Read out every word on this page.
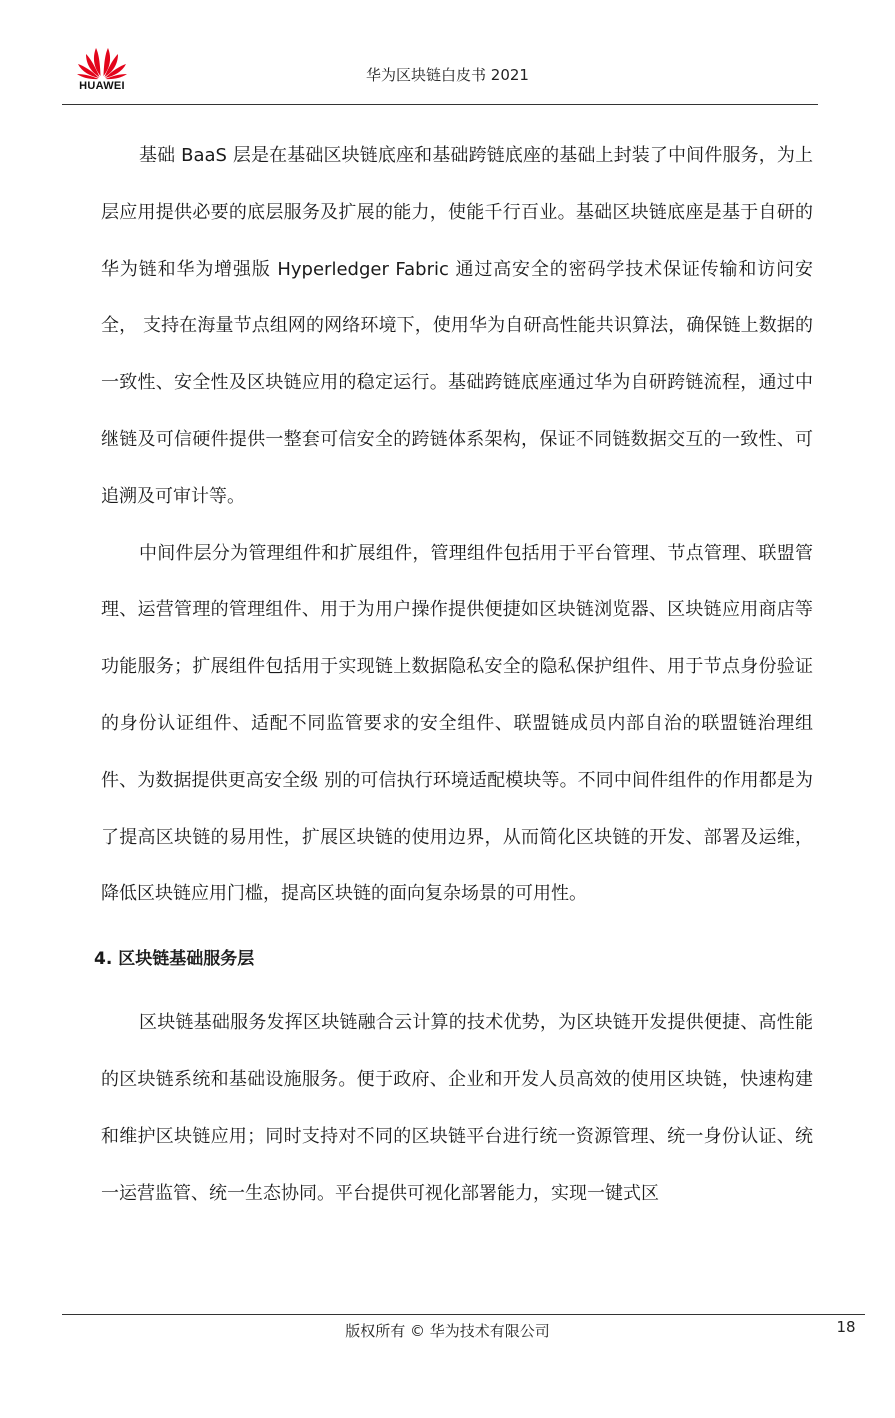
HUAWEI
华为区块链白皮书 2021

基础 BaaS 层是在基础区块链底座和基础跨链底座的基础上封装了中间件服务，为上层应用提供必要的底层服务及扩展的能力，使能千行百业。基础区块链底座是基于自研的华为链和华为增强版 Hyperledger Fabric 通过高安全的密码学技术保证传输和访问安全， 支持在海量节点组网的网络环境下，使用华为自研高性能共识算法，确保链上数据的一致性、安全性及区块链应用的稳定运行。基础跨链底座通过华为自研跨链流程，通过中继链及可信硬件提供一整套可信安全的跨链体系架构，保证不同链数据交互的一致性、可追溯及可审计等。

中间件层分为管理组件和扩展组件，管理组件包括用于平台管理、节点管理、联盟管理、运营管理的管理组件、用于为用户操作提供便捷如区块链浏览器、区块链应用商店等功能服务；扩展组件包括用于实现链上数据隐私安全的隐私保护组件、用于节点身份验证的身份认证组件、适配不同监管要求的安全组件、联盟链成员内部自治的联盟链治理组件、为数据提供更高安全级 别的可信执行环境适配模块等。不同中间件组件的作用都是为了提高区块链的易用性，扩展区块链的使用边界，从而简化区块链的开发、部署及运维，降低区块链应用门槛，提高区块链的面向复杂场景的可用性。

4. 区块链基础服务层

区块链基础服务发挥区块链融合云计算的技术优势，为区块链开发提供便捷、高性能的区块链系统和基础设施服务。便于政府、企业和开发人员高效的使用区块链，快速构建和维护区块链应用；同时支持对不同的区块链平台进行统一资源管理、统一身份认证、统一运营监管、统一生态协同。平台提供可视化部署能力，实现一键式区

版权所有 © 华为技术有限公司	18
